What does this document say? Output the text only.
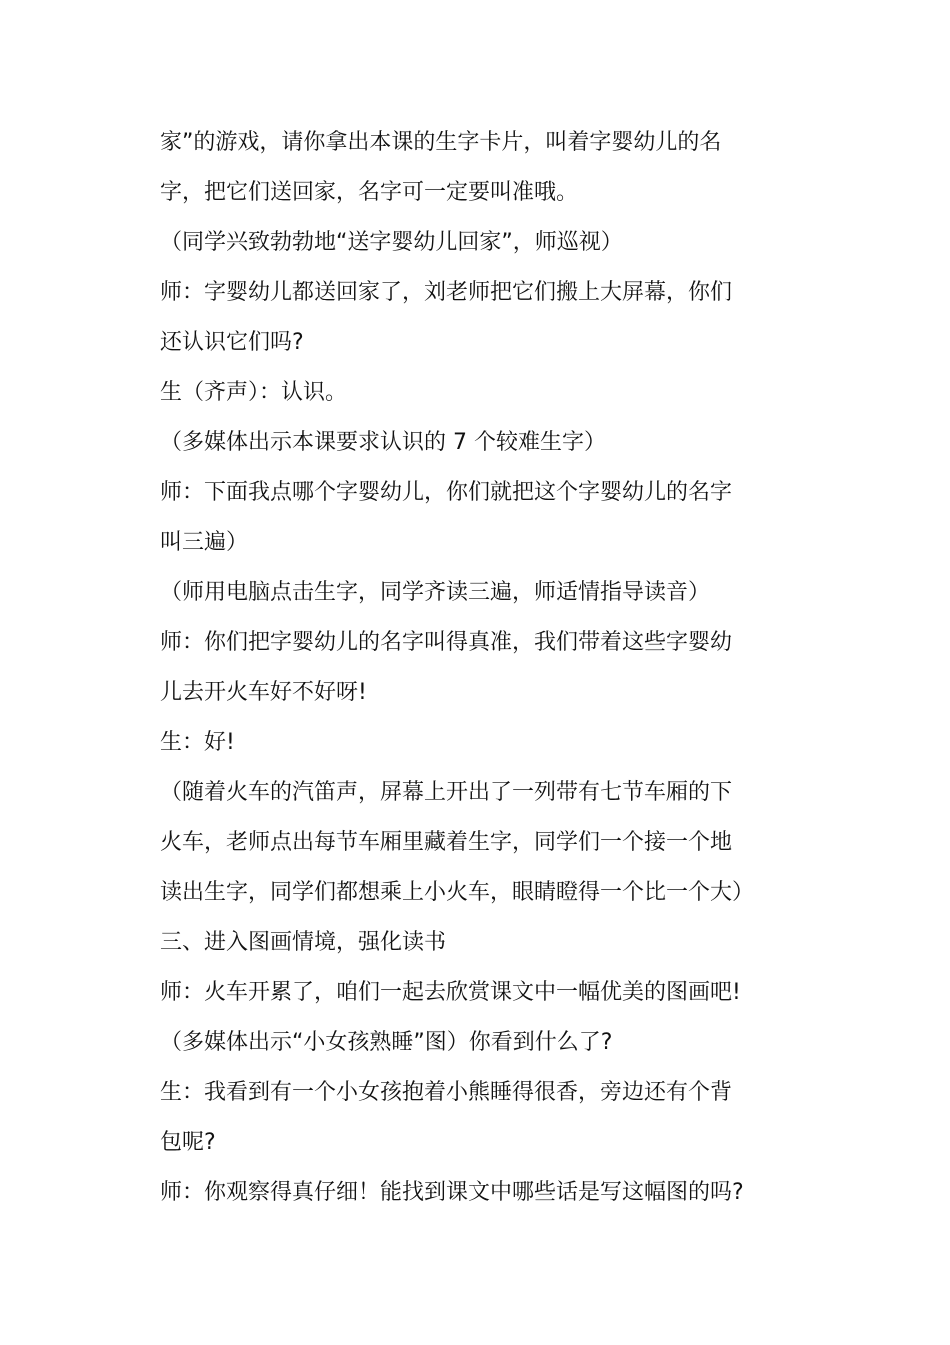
家”的游戏，请你拿出本课的生字卡片，叫着字婴幼儿的名

字，把它们送回家，名字可一定要叫准哦。

（同学兴致勃勃地“送字婴幼儿回家”，师巡视）

师：字婴幼儿都送回家了，刘老师把它们搬上大屏幕，你们

还认识它们吗?

生（齐声）：认识。

（多媒体出示本课要求认识的 7 个较难生字）

师：下面我点哪个字婴幼儿，你们就把这个字婴幼儿的名字

叫三遍）

（师用电脑点击生字，同学齐读三遍，师适情指导读音）

师：你们把字婴幼儿的名字叫得真准，我们带着这些字婴幼

儿去开火车好不好呀!

生：好!

（随着火车的汽笛声，屏幕上开出了一列带有七节车厢的下

火车，老师点出每节车厢里藏着生字，同学们一个接一个地

读出生字，同学们都想乘上小火车，眼睛瞪得一个比一个大）

三、进入图画情境，强化读书

师：火车开累了，咱们一起去欣赏课文中一幅优美的图画吧!

（多媒体出示“小女孩熟睡”图）你看到什么了?

生：我看到有一个小女孩抱着小熊睡得很香，旁边还有个背

包呢?

师：你观察得真仔细！能找到课文中哪些话是写这幅图的吗?
